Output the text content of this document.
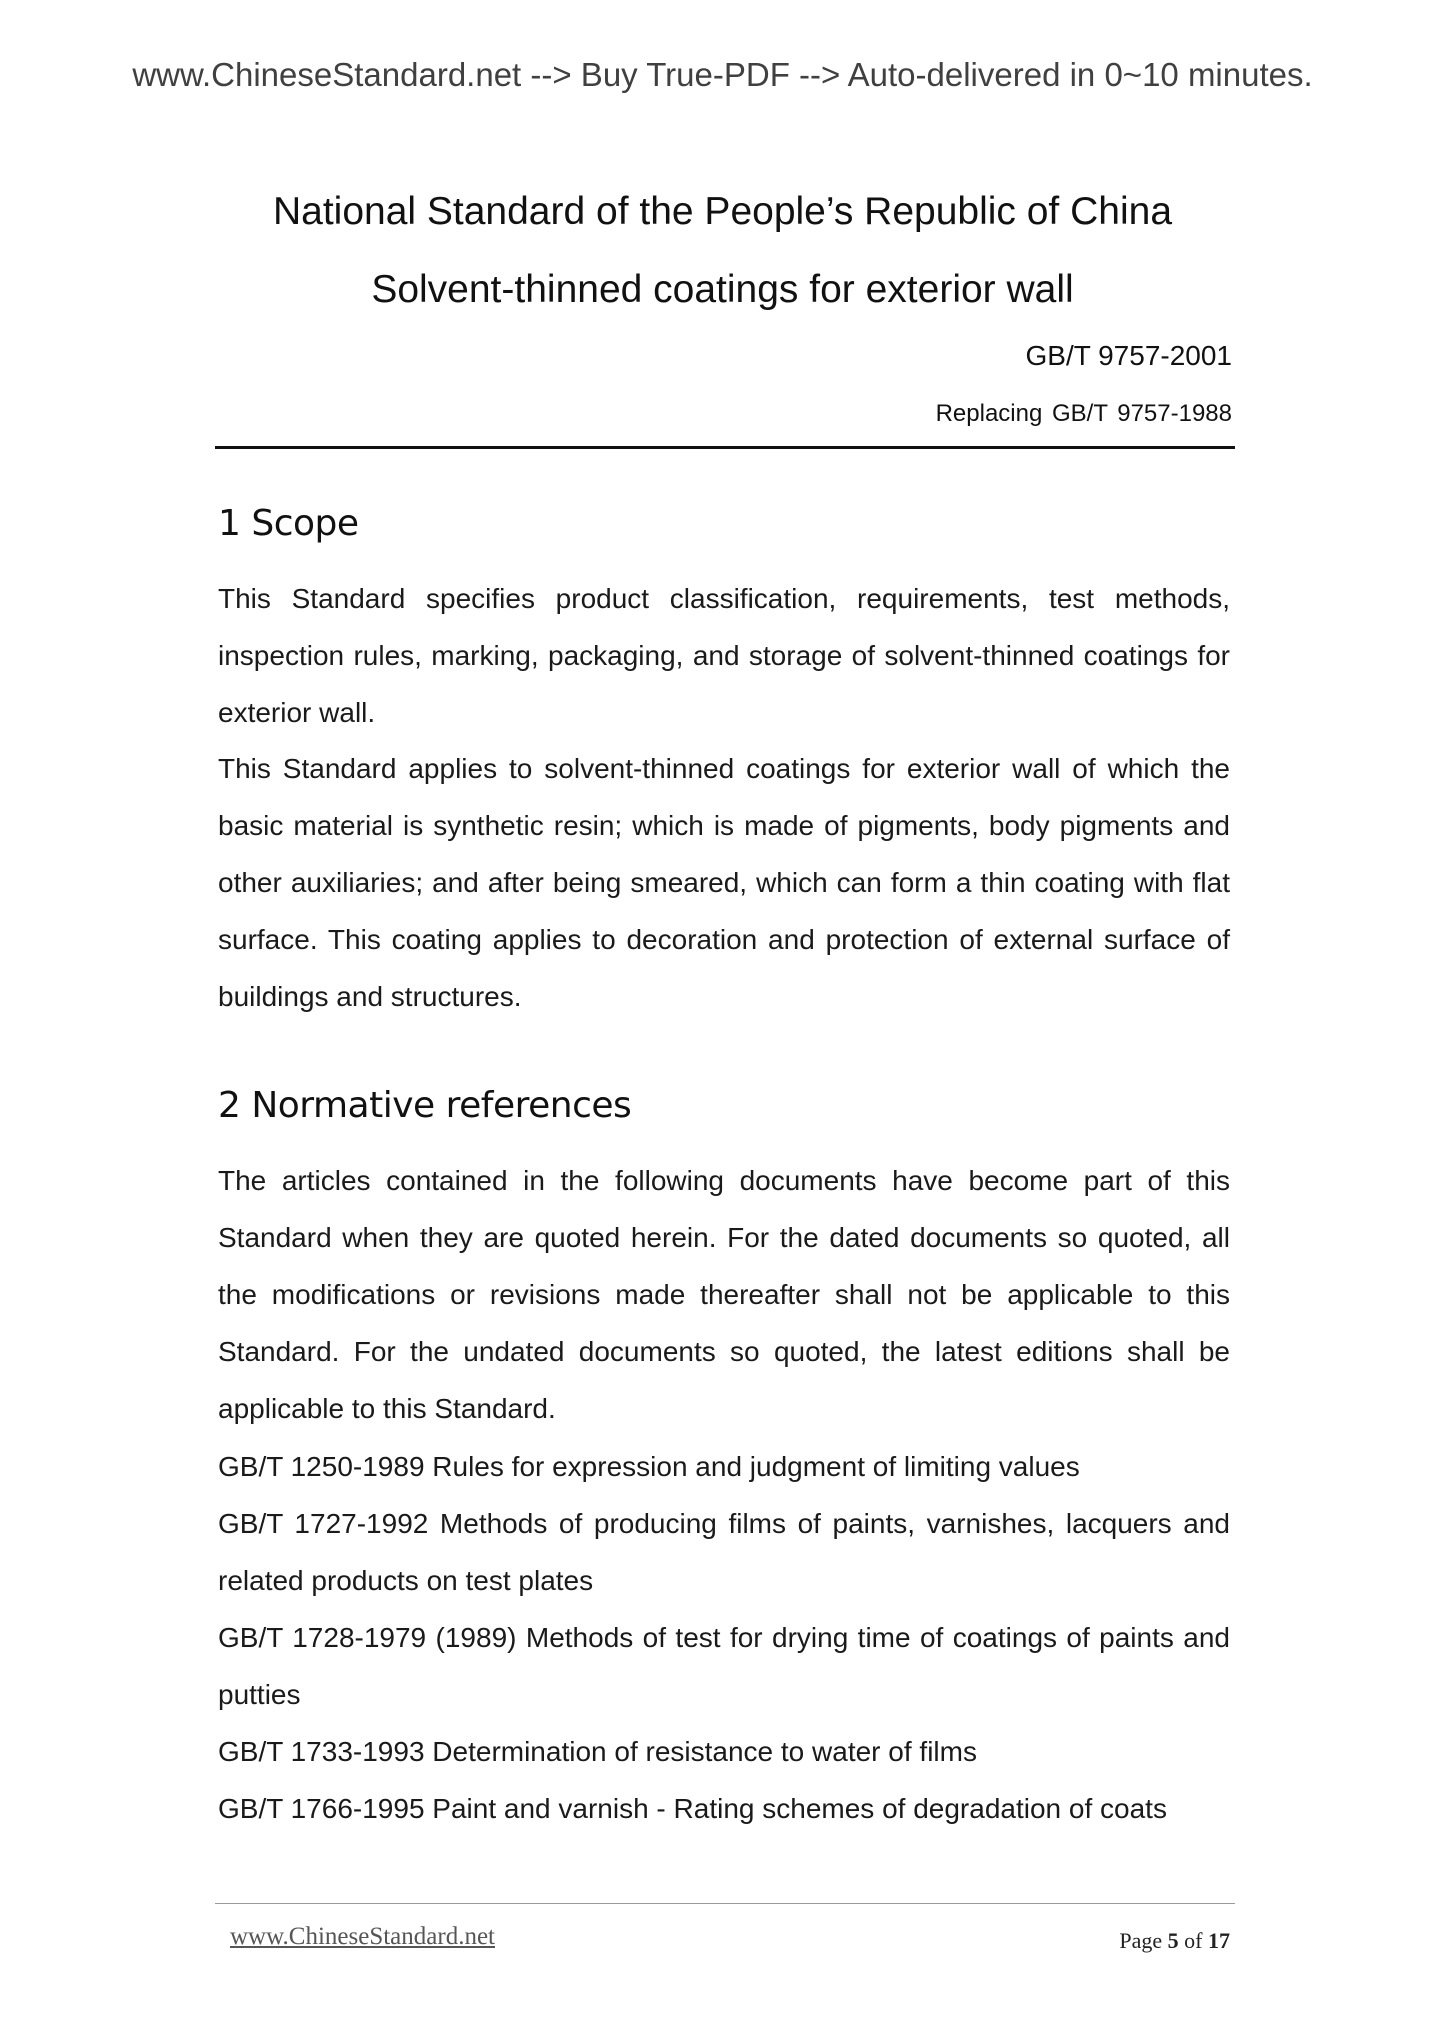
www.ChineseStandard.net --> Buy True-PDF --> Auto-delivered in 0~10 minutes.
National Standard of the People’s Republic of China
Solvent-thinned coatings for exterior wall
GB/T 9757-2001
Replacing GB/T 9757-1988
1 Scope

This Standard specifies product classification, requirements, test methods, inspection rules, marking, packaging, and storage of solvent-thinned coatings for exterior wall.

This Standard applies to solvent-thinned coatings for exterior wall of which the basic material is synthetic resin; which is made of pigments, body pigments and other auxiliaries; and after being smeared, which can form a thin coating with flat surface. This coating applies to decoration and protection of external surface of buildings and structures.

2 Normative references

The articles contained in the following documents have become part of this Standard when they are quoted herein. For the dated documents so quoted, all the modifications or revisions made thereafter shall not be applicable to this Standard. For the undated documents so quoted, the latest editions shall be applicable to this Standard.

GB/T 1250-1989 Rules for expression and judgment of limiting values
GB/T 1727-1992 Methods of producing films of paints, varnishes, lacquers and related products on test plates
GB/T 1728-1979 (1989) Methods of test for drying time of coatings of paints and putties
GB/T 1733-1993 Determination of resistance to water of films
GB/T 1766-1995 Paint and varnish - Rating schemes of degradation of coats
www.ChineseStandard.net	Page 5 of 17
